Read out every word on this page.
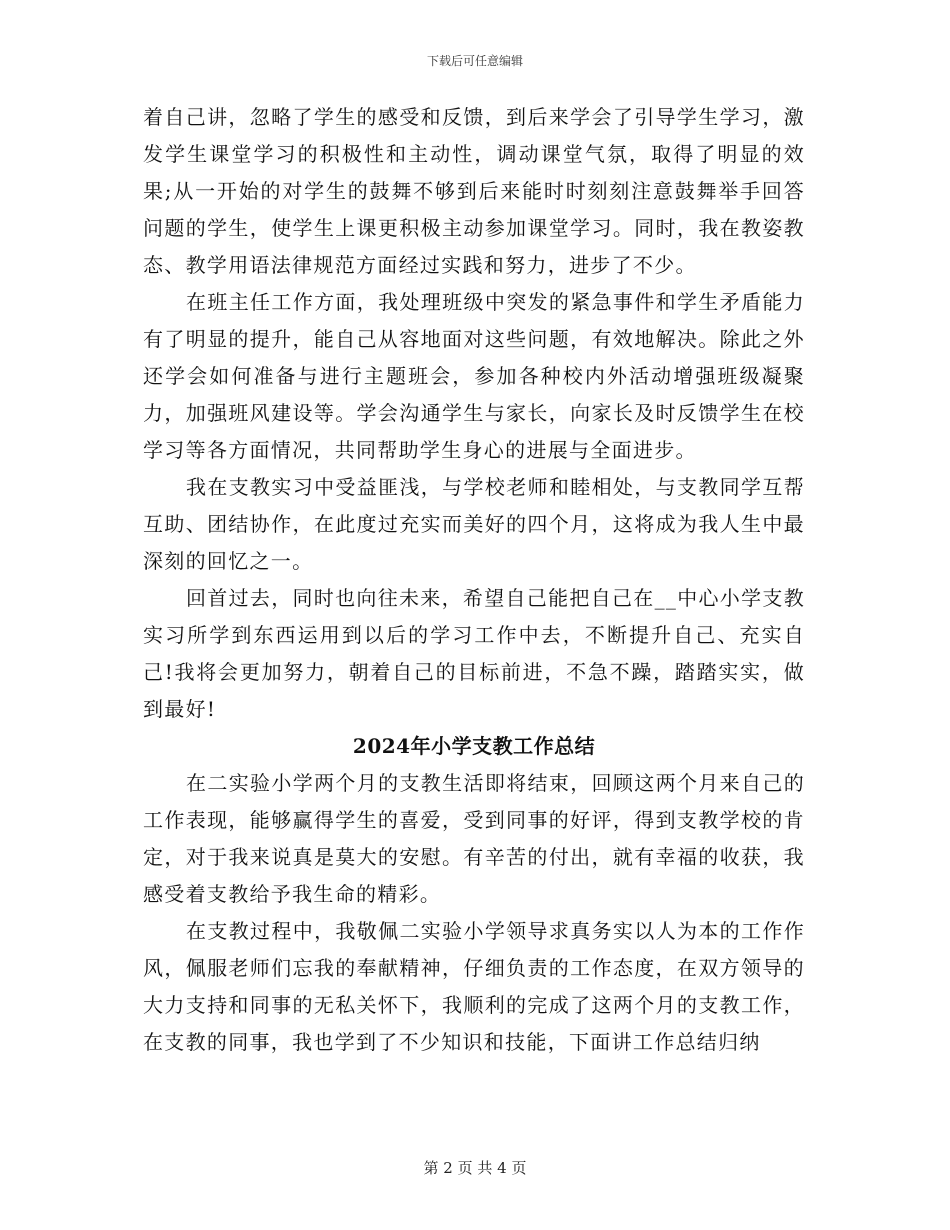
下载后可任意编辑

着自己讲，忽略了学生的感受和反馈，到后来学会了引导学生学习，激发学生课堂学习的积极性和主动性，调动课堂气氛，取得了明显的效果;从一开始的对学生的鼓舞不够到后来能时时刻刻注意鼓舞举手回答问题的学生，使学生上课更积极主动参加课堂学习。同时，我在教姿教态、教学用语法律规范方面经过实践和努力，进步了不少。

在班主任工作方面，我处理班级中突发的紧急事件和学生矛盾能力有了明显的提升，能自己从容地面对这些问题，有效地解决。除此之外还学会如何准备与进行主题班会，参加各种校内外活动增强班级凝聚力，加强班风建设等。学会沟通学生与家长，向家长及时反馈学生在校学习等各方面情况，共同帮助学生身心的进展与全面进步。

我在支教实习中受益匪浅，与学校老师和睦相处，与支教同学互帮互助、团结协作，在此度过充实而美好的四个月，这将成为我人生中最深刻的回忆之一。

回首过去，同时也向往未来，希望自己能把自己在__中心小学支教实习所学到东西运用到以后的学习工作中去，不断提升自己、充实自己!我将会更加努力，朝着自己的目标前进，不急不躁，踏踏实实，做到最好!

2024年小学支教工作总结

在二实验小学两个月的支教生活即将结束，回顾这两个月来自己的工作表现，能够赢得学生的喜爱，受到同事的好评，得到支教学校的肯定，对于我来说真是莫大的安慰。有辛苦的付出，就有幸福的收获，我感受着支教给予我生命的精彩。

在支教过程中，我敬佩二实验小学领导求真务实以人为本的工作作风，佩服老师们忘我的奉献精神，仔细负责的工作态度，在双方领导的大力支持和同事的无私关怀下，我顺利的完成了这两个月的支教工作，在支教的同事，我也学到了不少知识和技能，下面讲工作总结归纳

第 2 页 共 4 页
